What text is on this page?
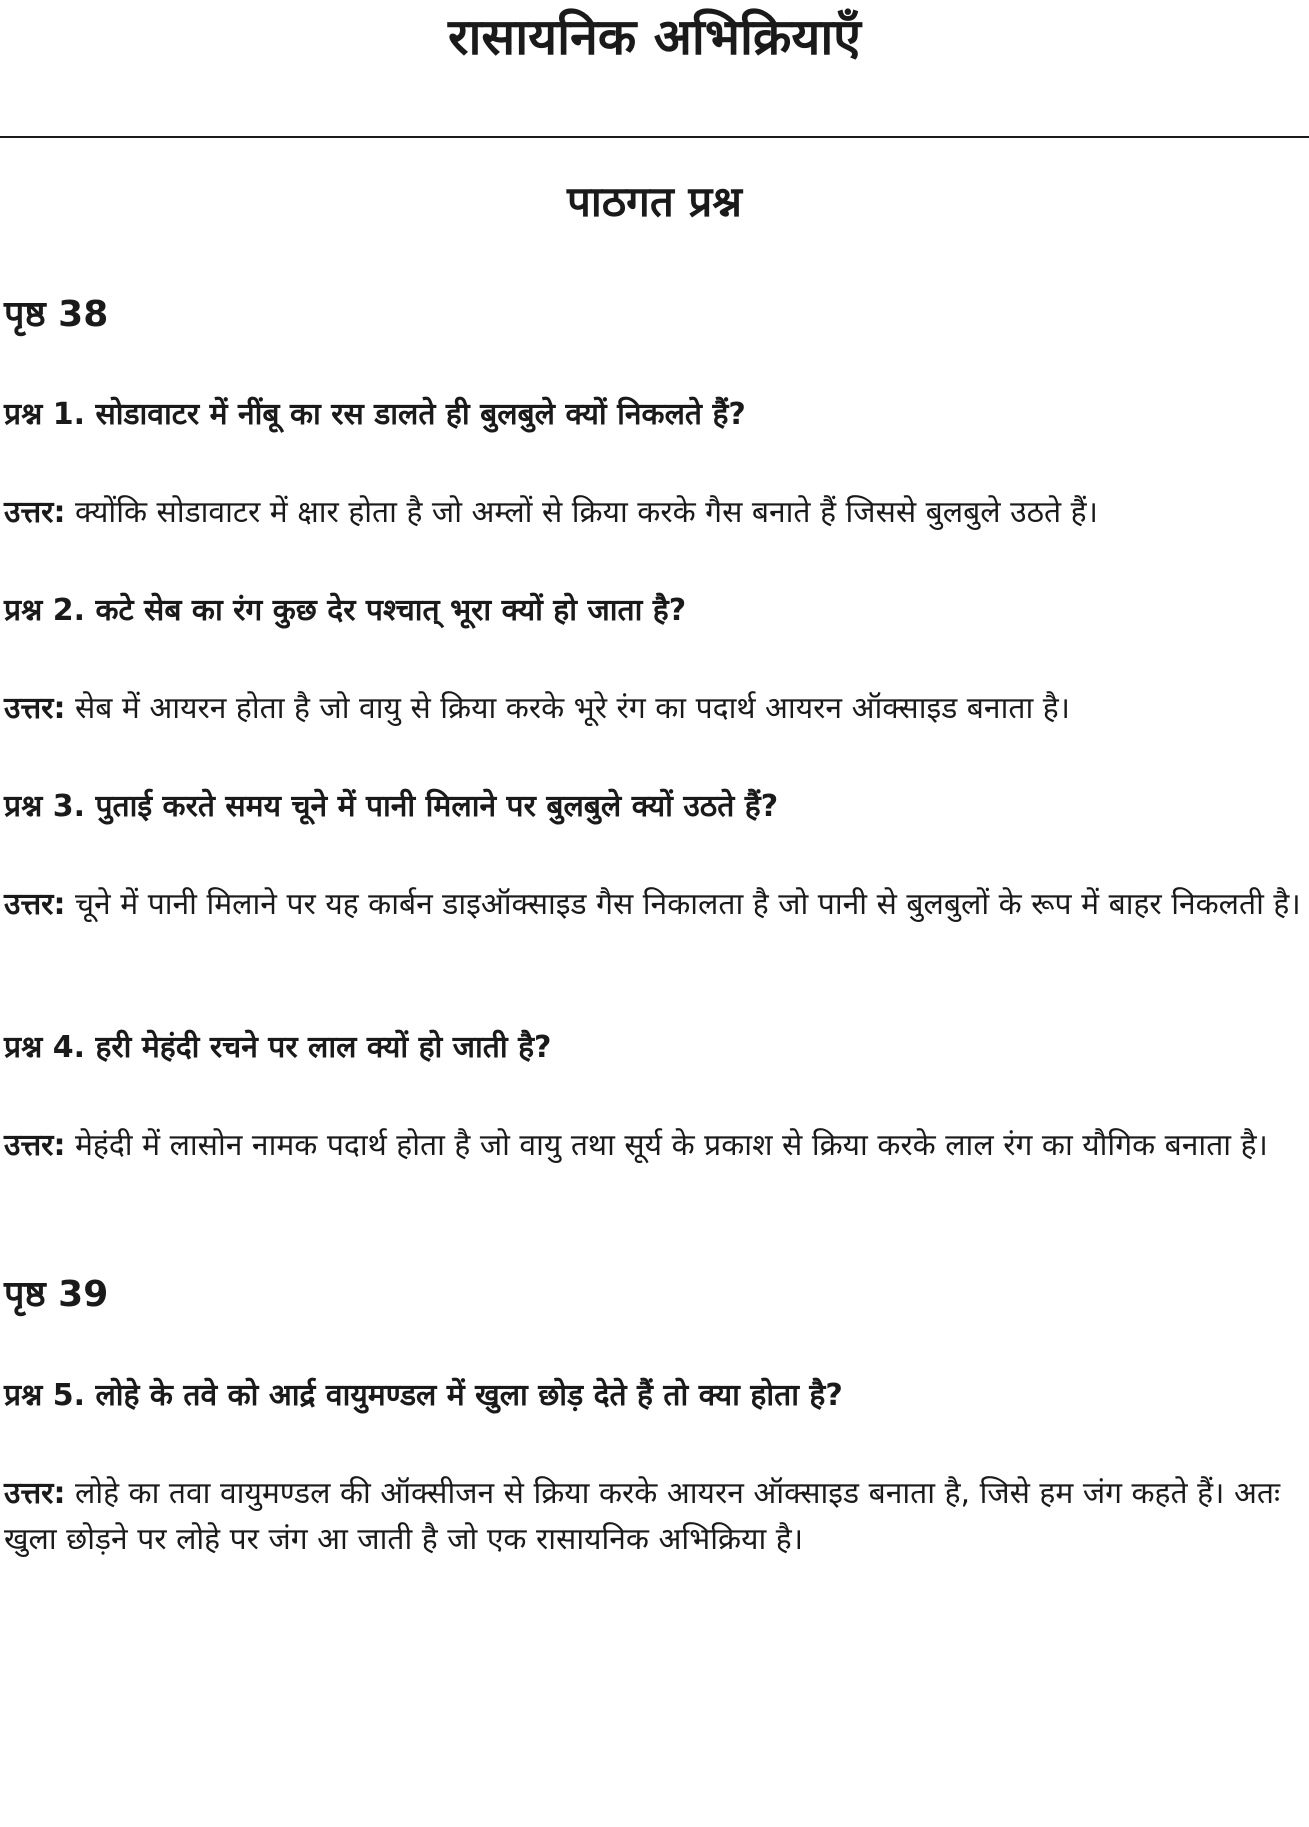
रासायनिक अभिक्रियाएँ
पाठगत प्रश्न
पृष्ठ 38
प्रश्न 1. सोडावाटर में नींबू का रस डालते ही बुलबुले क्यों निकलते हैं?
उत्तर: क्योंकि सोडावाटर में क्षार होता है जो अम्लों से क्रिया करके गैस बनाते हैं जिससे बुलबुले उठते हैं।
प्रश्न 2. कटे सेब का रंग कुछ देर पश्चात् भूरा क्यों हो जाता है?
उत्तर: सेब में आयरन होता है जो वायु से क्रिया करके भूरे रंग का पदार्थ आयरन ऑक्साइड बनाता है।
प्रश्न 3. पुताई करते समय चूने में पानी मिलाने पर बुलबुले क्यों उठते हैं?
उत्तर: चूने में पानी मिलाने पर यह कार्बन डाइऑक्साइड गैस निकालता है जो पानी से बुलबुलों के रूप में बाहर निकलती है।
प्रश्न 4. हरी मेहंदी रचने पर लाल क्यों हो जाती है?
उत्तर: मेहंदी में लासोन नामक पदार्थ होता है जो वायु तथा सूर्य के प्रकाश से क्रिया करके लाल रंग का यौगिक बनाता है।
पृष्ठ 39
प्रश्न 5. लोहे के तवे को आर्द्र वायुमण्डल में खुला छोड़ देते हैं तो क्या होता है?
उत्तर: लोहे का तवा वायुमण्डल की ऑक्सीजन से क्रिया करके आयरन ऑक्साइड बनाता है, जिसे हम जंग कहते हैं। अतः खुला छोड़ने पर लोहे पर जंग आ जाती है जो एक रासायनिक अभिक्रिया है।
